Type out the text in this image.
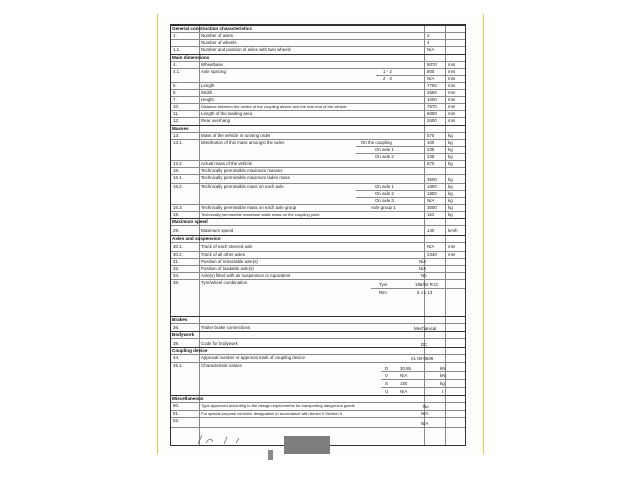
General construction characteristics
1.	Number of axles	2
Number of wheels	4
1.1.	Number and position of axles with twin wheels	N/A
Main dimensions
4.	Wheelbase	5070	mm
4.1.	Axle spacing	1 - 2	800	mm
2 - 3	N/A	mm
5.	Length	7700	mm
6.	Width	2550	mm
7.	Height	1000	mm
10.	Distance between the centre of the coupling device and the rear end of the vehicle	7670	mm
11.	Length of the loading area	6000	mm
12.	Rear overhang	2600	mm
Masses
13.	Mass of the vehicle in running order	570	kg
13.1.	Distribution of this mass amongst the axles	On the coupling	100	kg
On axle 1	235	kg
On axle 2	235	kg
13.2.	Actual mass of the vehicle	570	kg
16.	Technically permissible maximum masses
16.1.	Technically permissible maximum laden mass	3500	kg
16.2.	Technically permissible mass on each axle	On axle 1	1800	kg
On axle 2	1800	kg
On axle 3	N/A	kg
16.3.	Technically permissible mass on each axle group	Axle group 1	3500	kg
19.	Technically permissible maximum static mass on the coupling point	110	kg
Maximum speed
29.	Maximum speed	140	km/h
Axles and suspension
30.1.	Track of each steered axle	N/A	mm
30.2.	Track of all other axles	2340	mm
31.	Position of retractable axle(s)	N/A
32.	Position of loadable axle(s)	N/A
34.	Axle(s) fitted with air suspension or equivalent	No
35.	Tyre/wheel combination	Tyre	195/50 R13
Rim	6 J x 13
Brakes
36.	Trailer brake connections	Mechanical
Bodywork
38.	Code for bodywork	DC
Coupling device
44.	Approval number or approval mark of coupling device	e1 00-0509
45.1.	Characteristic values
D	30.85	kN
V	N/A	kN
S	150	kg
U	N/A	t
Miscellaneous
50.	Type-approved according to the design requirements for transporting dangerous goods	No
51.	For special purpose vehicles: designation in accordance with Annex II Section 5	N/A
52.
N/A
